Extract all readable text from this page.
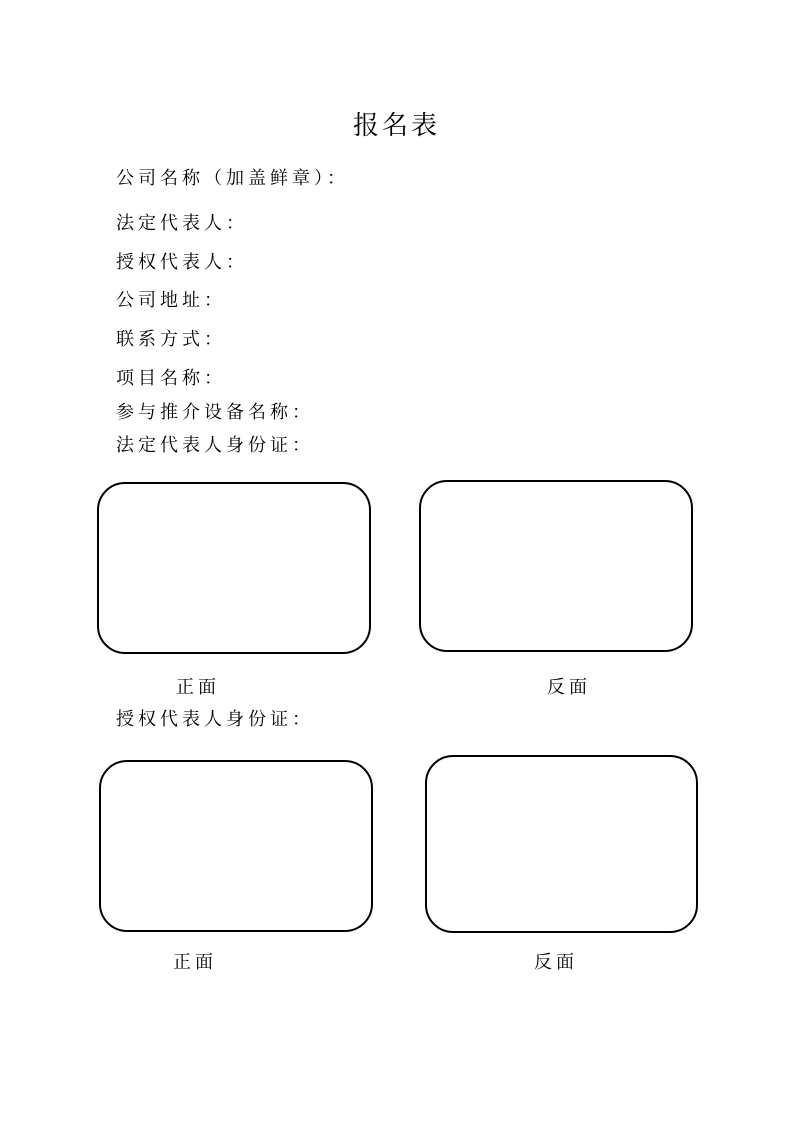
报名表
公司名称（加盖鲜章）：
法定代表人：
授权代表人：
公司地址：
联系方式：
项目名称：
参与推介设备名称：
法定代表人身份证：
正面	反面
授权代表人身份证：
正面	反面
